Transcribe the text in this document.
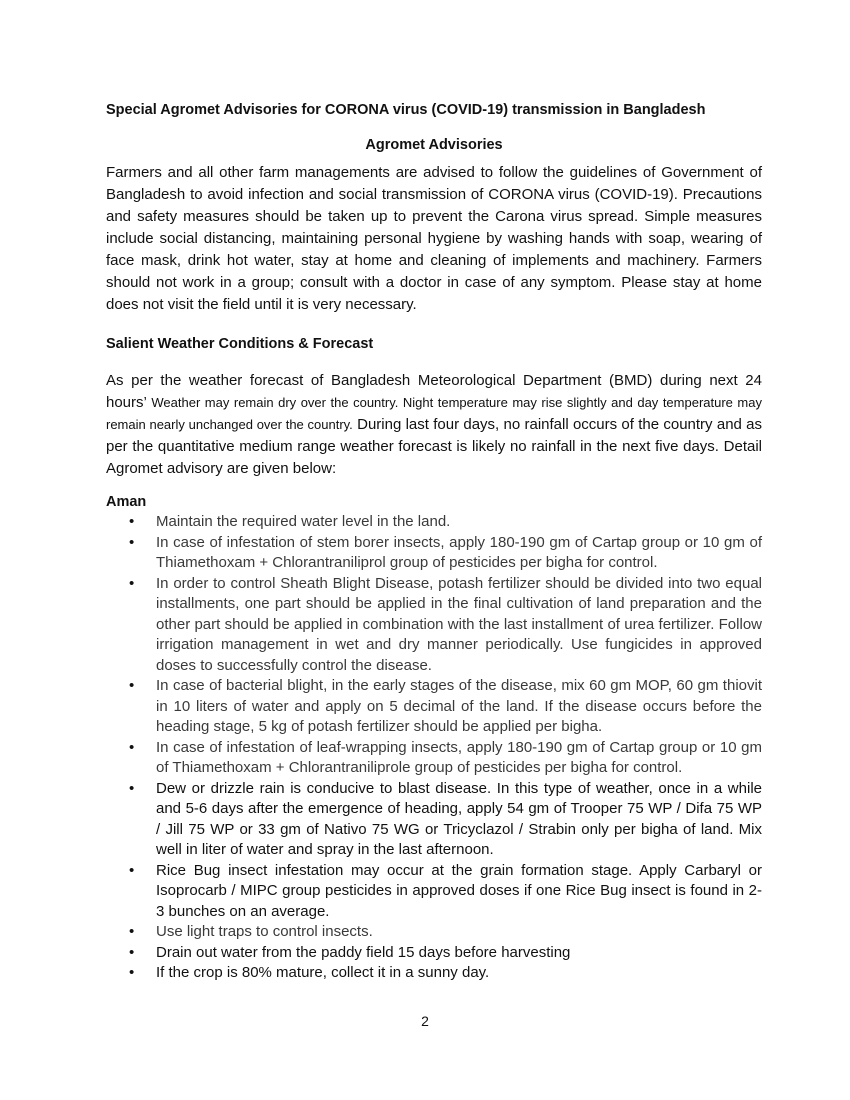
Special Agromet Advisories for CORONA virus (COVID-19) transmission in Bangladesh

Agromet Advisories

Farmers and all other farm managements are advised to follow the guidelines of Government of Bangladesh to avoid infection and social transmission of CORONA virus (COVID-19). Precautions and safety measures should be taken up to prevent the Carona virus spread. Simple measures include social distancing, maintaining personal hygiene by washing hands with soap, wearing of face mask, drink hot water, stay at home and cleaning of implements and machinery. Farmers should not work in a group; consult with a doctor in case of any symptom. Please stay at home does not visit the field until it is very necessary.

Salient Weather Conditions & Forecast

As per the weather forecast of Bangladesh Meteorological Department (BMD) during next 24 hours’ Weather may remain dry over the country. Night temperature may rise slightly and day temperature may remain nearly unchanged over the country. During last four days, no rainfall occurs of the country and as per the quantitative medium range weather forecast is likely no rainfall in the next five days. Detail Agromet advisory are given below:

Aman

• Maintain the required water level in the land.
• In case of infestation of stem borer insects, apply 180-190 gm of Cartap group or 10 gm of Thiamethoxam + Chlorantraniliprol group of pesticides per bigha for control.
• In order to control Sheath Blight Disease, potash fertilizer should be divided into two equal installments, one part should be applied in the final cultivation of land preparation and the other part should be applied in combination with the last installment of urea fertilizer. Follow irrigation management in wet and dry manner periodically. Use fungicides in approved doses to successfully control the disease.
• In case of bacterial blight, in the early stages of the disease, mix 60 gm MOP, 60 gm thiovit in 10 liters of water and apply on 5 decimal of the land. If the disease occurs before the heading stage, 5 kg of potash fertilizer should be applied per bigha.
• In case of infestation of leaf-wrapping insects, apply 180-190 gm of Cartap group or 10 gm of Thiamethoxam + Chlorantraniliprole group of pesticides per bigha for control.
• Dew or drizzle rain is conducive to blast disease. In this type of weather, once in a while and 5-6 days after the emergence of heading, apply 54 gm of Trooper 75 WP / Difa 75 WP / Jill 75 WP or 33 gm of Nativo 75 WG or Tricyclazol / Strabin only per bigha of land. Mix well in liter of water and spray in the last afternoon.
• Rice Bug insect infestation may occur at the grain formation stage. Apply Carbaryl or Isoprocarb / MIPC group pesticides in approved doses if one Rice Bug insect is found in 2-3 bunches on an average.
• Use light traps to control insects.
• Drain out water from the paddy field 15 days before harvesting
• If the crop is 80% mature, collect it in a sunny day.
2
